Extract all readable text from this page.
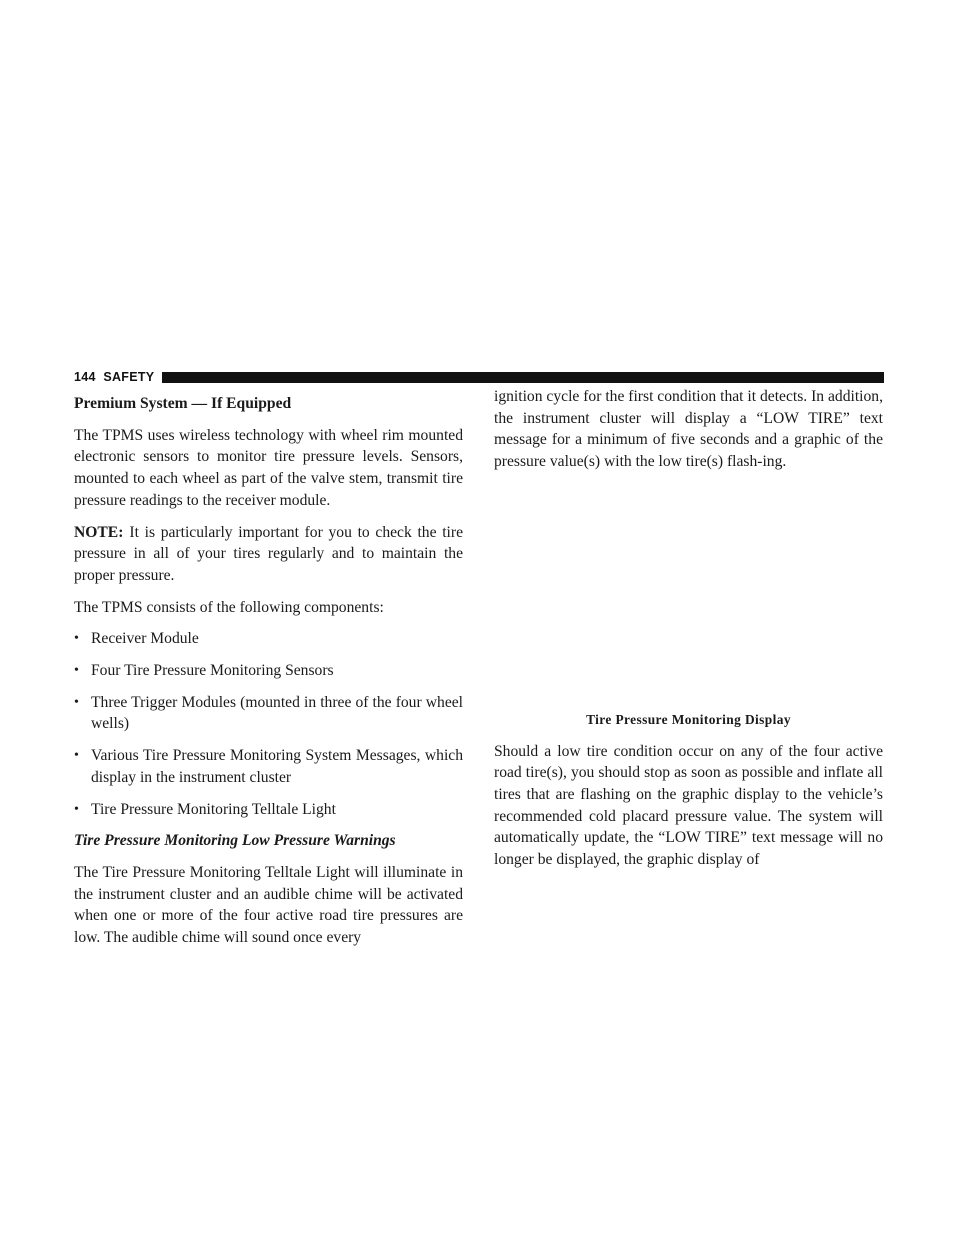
144 SAFETY

Premium System — If Equipped

The TPMS uses wireless technology with wheel rim mounted electronic sensors to monitor tire pressure levels. Sensors, mounted to each wheel as part of the valve stem, transmit tire pressure readings to the receiver module.

NOTE: It is particularly important for you to check the tire pressure in all of your tires regularly and to maintain the proper pressure.

The TPMS consists of the following components:

• Receiver Module
• Four Tire Pressure Monitoring Sensors
• Three Trigger Modules (mounted in three of the four wheel wells)
• Various Tire Pressure Monitoring System Messages, which display in the instrument cluster
• Tire Pressure Monitoring Telltale Light

Tire Pressure Monitoring Low Pressure Warnings

The Tire Pressure Monitoring Telltale Light will illuminate in the instrument cluster and an audible chime will be activated when one or more of the four active road tire pressures are low. The audible chime will sound once every

ignition cycle for the first condition that it detects. In addition, the instrument cluster will display a “LOW TIRE” text message for a minimum of five seconds and a graphic of the pressure value(s) with the low tire(s) flash-ing.

Tire Pressure Monitoring Display

Should a low tire condition occur on any of the four active road tire(s), you should stop as soon as possible and inflate all tires that are flashing on the graphic display to the vehicle’s recommended cold placard pressure value. The system will automatically update, the “LOW TIRE” text message will no longer be displayed, the graphic display of
